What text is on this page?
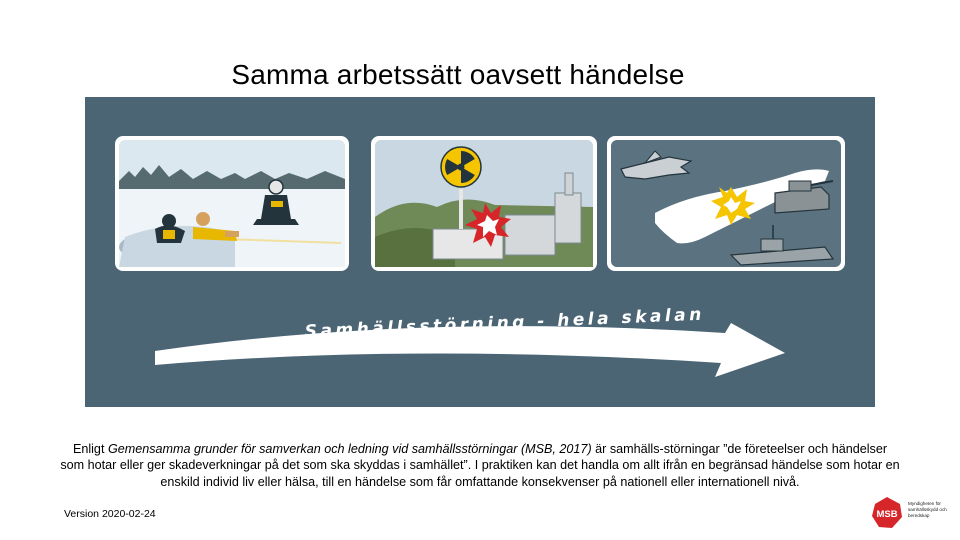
Samma arbetssätt oavsett händelse
Samhällsstörning - hela skalan

Enligt Gemensamma grunder för samverkan och ledning vid samhällsstörningar (MSB, 2017) är samhälls-störningar ”de företeelser och händelser som hotar eller ger skadeverkningar på det som ska skyddas i samhället”. I praktiken kan det handla om allt ifrån en begränsad händelse som hotar en enskild individ liv eller hälsa, till en händelse som får omfattande konsekvenser på nationell eller internationell nivå.

Version 2020-02-24	MSB
Myndigheten för samhällsskydd och beredskap
